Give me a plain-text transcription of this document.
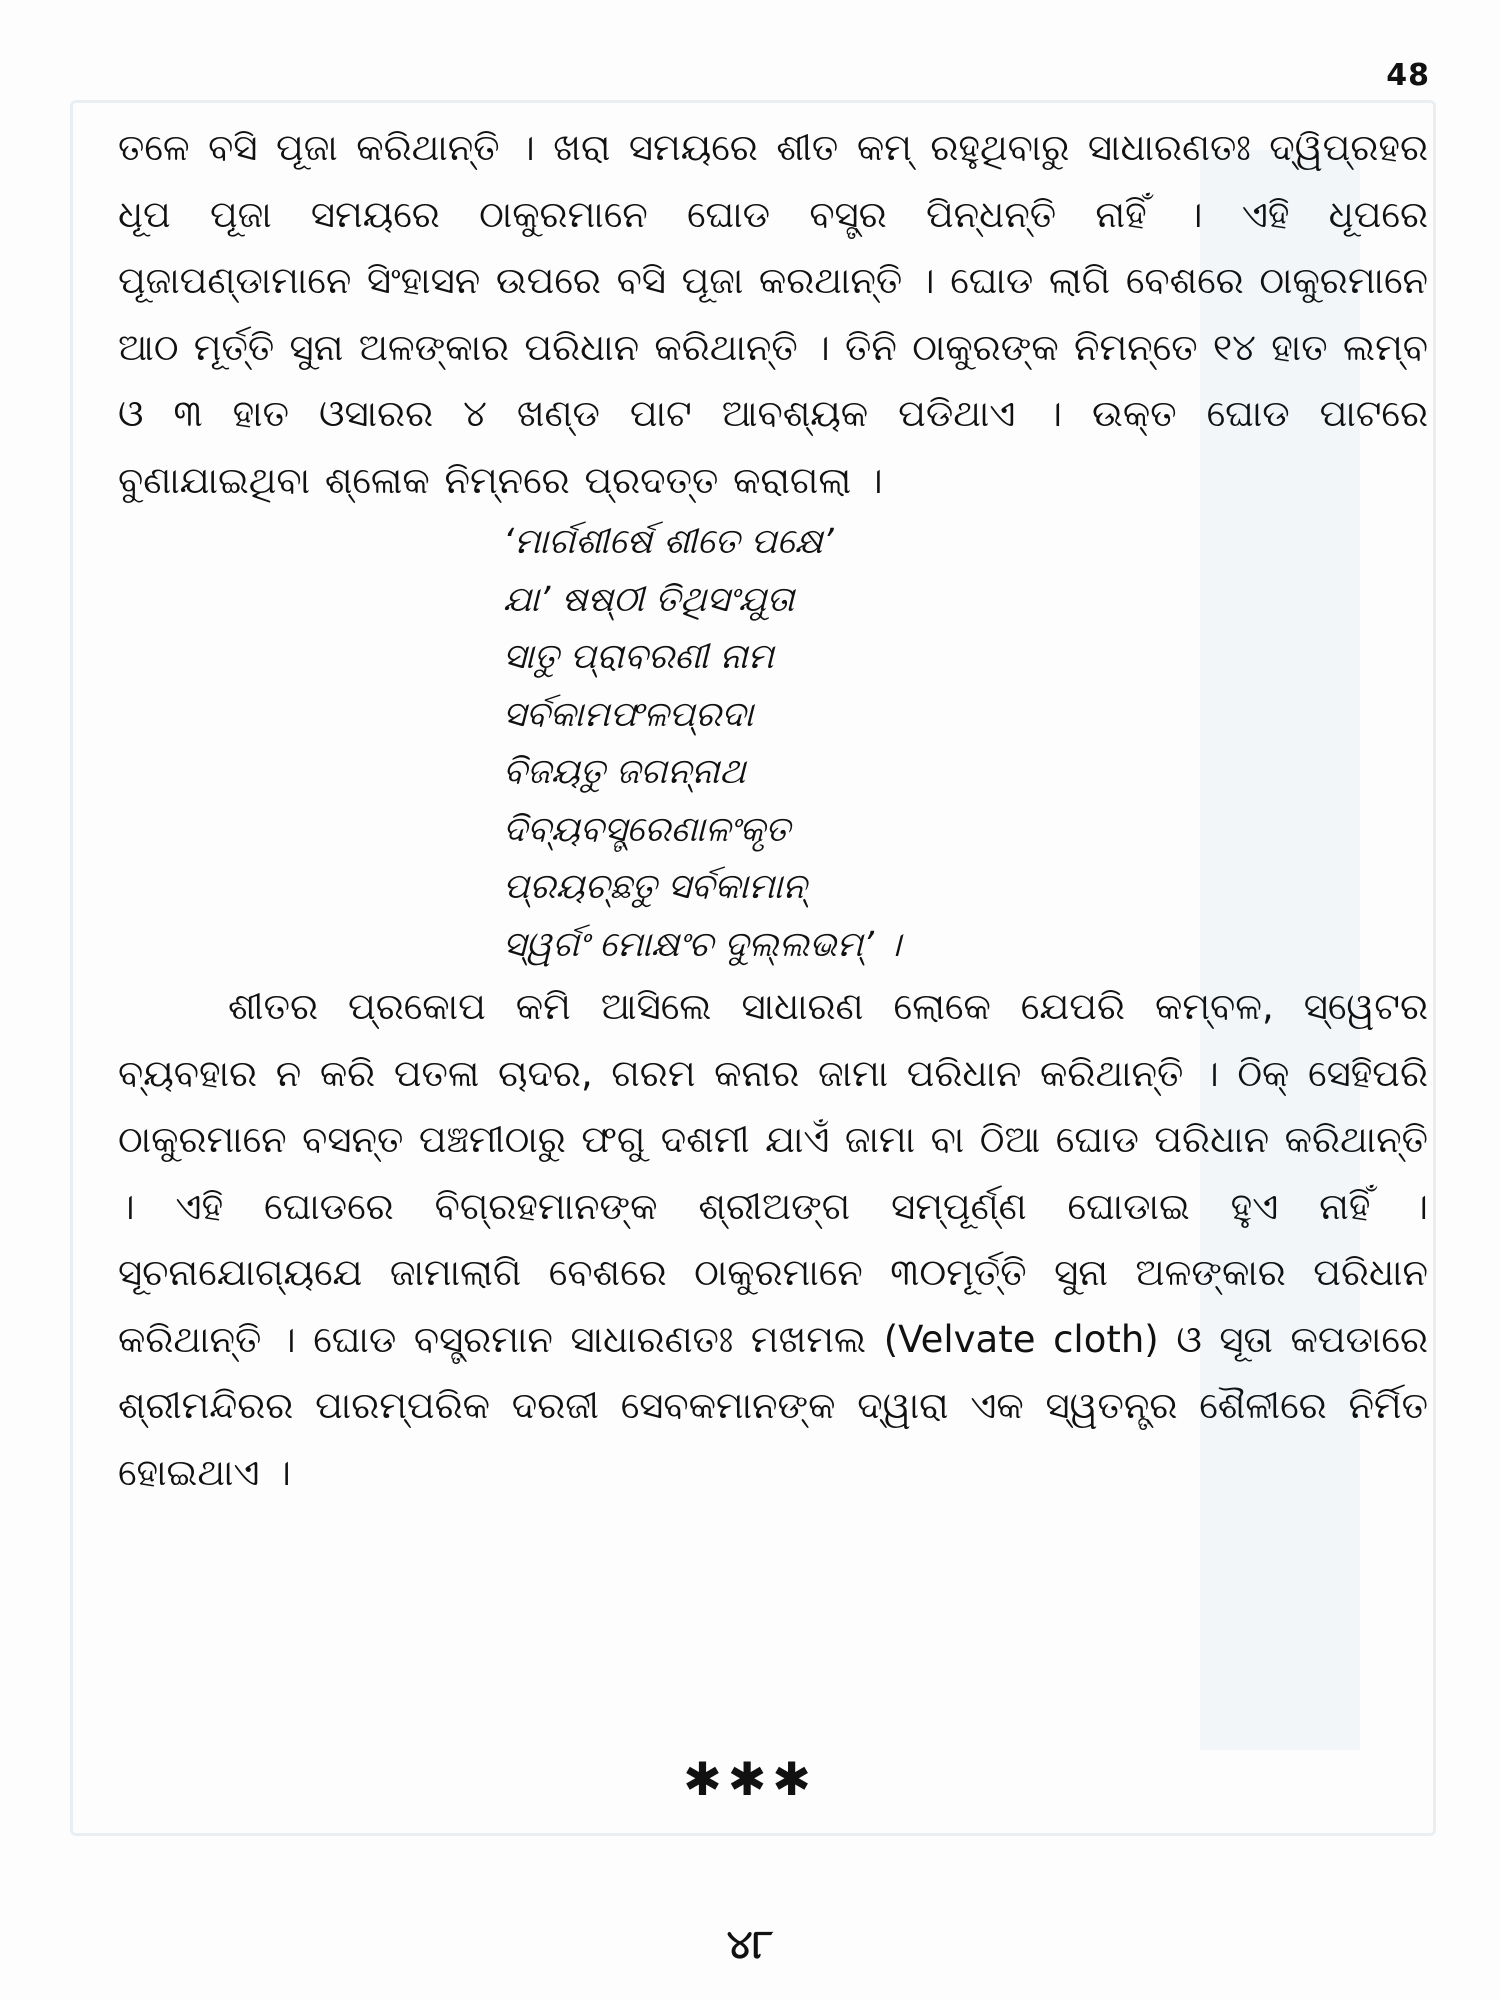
48

ତଳେ ବସି ପୂଜା କରିଥାନ୍ତି । ଖରା ସମୟରେ ଶୀତ କମ୍ ରହୁଥିବାରୁ ସାଧାରଣତଃ ଦ୍ୱିପ୍ରହର ଧୂପ ପୂଜା ସମୟରେ ଠାକୁରମାନେ ଘୋଡ ବସ୍ତ୍ର ପିନ୍ଧନ୍ତି ନାହିଁ । ଏହି ଧୂପରେ ପୂଜାପଣ୍ଡାମାନେ ସିଂହାସନ ଉପରେ ବସି ପୂଜା କରଥାନ୍ତି । ଘୋଡ ଲାଗି ବେଶରେ ଠାକୁରମାନେ ଆଠ ମୂର୍ତ୍ତି ସୁନା ଅଳଙ୍କାର ପରିଧାନ କରିଥାନ୍ତି । ତିନି ଠାକୁରଙ୍କ ନିମନ୍ତେ ୧୪ ହାତ ଲମ୍ବ ଓ ୩ ହାତ ଓସାରର ୪ ଖଣ୍ଡ ପାଟ ଆବଶ୍ୟକ ପଡିଥାଏ । ଉକ୍ତ ଘୋଡ ପାଟରେ ବୁଣାଯାଇଥିବା ଶ୍ଳୋକ ନିମ୍ନରେ ପ୍ରଦତ୍ତ କରାଗଲା ।

‘ମାର୍ଗଶୀର୍ଷେ ଶୀତେ ପକ୍ଷେ’
ଯା’ ଷଷ୍ଠୀ ତିଥିସଂଯୁତା
ସାତୁ ପ୍ରାବରଣୀ ନାମ
ସର୍ବକାମଫଳପ୍ରଦା
ବିଜୟତୁ ଜଗନ୍ନାଥ
ଦିବ୍ୟବସ୍ତ୍ରେଣାଳଂକୃତ
ପ୍ରୟଚ୍ଛତୁ ସର୍ବକାମାନ୍
ସ୍ୱର୍ଗଂ ମୋକ୍ଷଂଚ ଦୁଲ୍ଲଭମ୍’ ।

ଶୀତର ପ୍ରକୋପ କମି ଆସିଲେ ସାଧାରଣ ଲୋକେ ଯେପରି କମ୍ବଳ, ସ୍ୱେଟର ବ୍ୟବହାର ନ କରି ପତଳା ଚାଦର, ଗରମ କନାର ଜାମା ପରିଧାନ କରିଥାନ୍ତି । ଠିକ୍ ସେହିପରି ଠାକୁରମାନେ ବସନ୍ତ ପଞ୍ଚମୀଠାରୁ ଫଗୁ ଦଶମୀ ଯାଏଁ ଜାମା ବା ଠିଆ ଘୋଡ ପରିଧାନ କରିଥାନ୍ତି । ଏହି ଘୋଡରେ ବିଗ୍ରହମାନଙ୍କ ଶ୍ରୀଅଙ୍ଗ ସମ୍ପୂର୍ଣ୍ଣ ଘୋଡାଇ ହୁଏ ନାହିଁ । ସୂଚନାଯୋଗ୍ୟଯେ ଜାମାଲାଗି ବେଶରେ ଠାକୁରମାନେ ୩୦ମୂର୍ତ୍ତି ସୁନା ଅଳଙ୍କାର ପରିଧାନ କରିଥାନ୍ତି । ଘୋଡ ବସ୍ତ୍ରମାନ ସାଧାରଣତଃ ମଖମଲ (Velvate cloth) ଓ ସୂତା କପଡାରେ ଶ୍ରୀମନ୍ଦିରର ପାରମ୍ପରିକ ଦରଜୀ ସେବକମାନଙ୍କ ଦ୍ୱାରା ଏକ ସ୍ୱତନ୍ତ୍ର ଶୈଳୀରେ ନିର୍ମିତ ହୋଇଥାଏ ।

✱✱✱
୪୮
